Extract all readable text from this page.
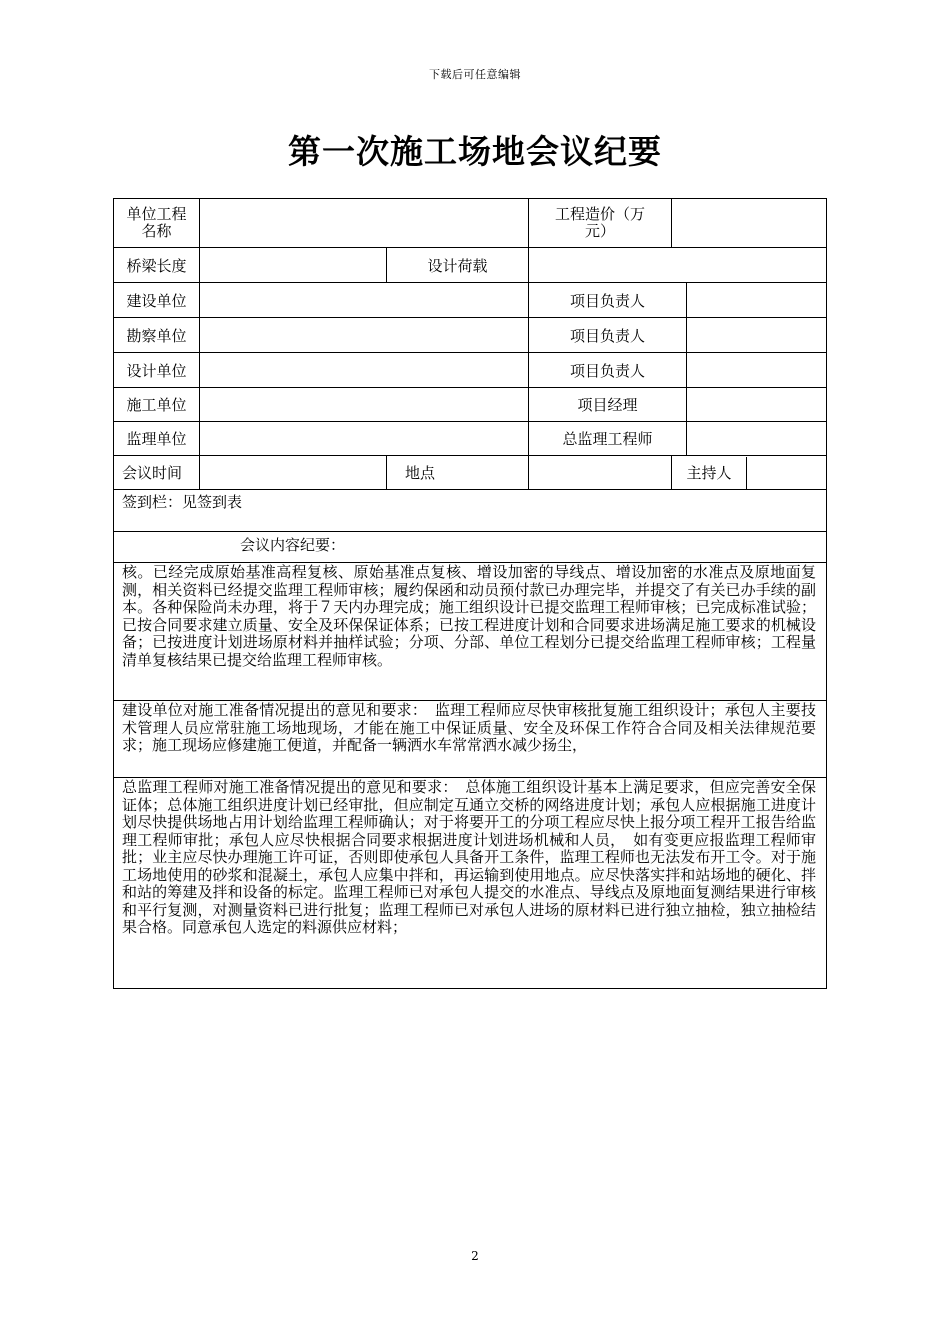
下载后可任意编辑
第一次施工场地会议纪要
单位工程名称			工程造价（万元）		
桥梁长度		设计荷载			
建设单位			项目负责人		
勘察单位			项目负责人		
设计单位			项目负责人		
施工单位			项目经理		
监理单位			总监理工程师		
会议时间		地点		主持人	

签到栏：见签到表					
会议内容纪要：					
核。已经完成原始基准高程复核、原始基准点复核、增设加密的导线点、增设加密的水准点及原地面复测，相关资料已经提交监理工程师审核；履约保函和动员预付款已办理完毕，并提交了有关已办手续的副本。各种保险尚未办理，将于７天内办理完成；施工组织设计已提交监理工程师审核；已完成标准试验；已按合同要求建立质量、安全及环保保证体系；已按工程进度计划和合同要求进场满足施工要求的机械设备；已按进度计划进场原材料并抽样试验；分项、分部、单位工程划分已提交给监理工程师审核；工程量清单复核结果已提交给监理工程师审核。					
建设单位对施工准备情况提出的意见和要求：　监理工程师应尽快审核批复施工组织设计；承包人主要技术管理人员应常驻施工场地现场，才能在施工中保证质量、安全及环保工作符合合同及相关法律规范要求；施工现场应修建施工便道，并配备一辆洒水车常常洒水减少扬尘，					
总监理工程师对施工准备情况提出的意见和要求：　总体施工组织设计基本上满足要求，但应完善安全保证体；总体施工组织进度计划已经审批，但应制定互通立交桥的网络进度计划；承包人应根据施工进度计划尽快提供场地占用计划给监理工程师确认；对于将要开工的分项工程应尽快上报分项工程开工报告给监理工程师审批；承包人应尽快根据合同要求根据进度计划进场机械和人员，　如有变更应报监理工程师审批；业主应尽快办理施工许可证，否则即使承包人具备开工条件，监理工程师也无法发布开工令。对于施工场地使用的砂浆和混凝土，承包人应集中拌和，再运输到使用地点。应尽快落实拌和站场地的硬化、拌和站的筹建及拌和设备的标定。监理工程师已对承包人提交的水准点、导线点及原地面复测结果进行审核和平行复测，对测量资料已进行批复；监理工程师已对承包人进场的原材料已进行独立抽检，独立抽检结果合格。同意承包人选定的料源供应材料；					
2
